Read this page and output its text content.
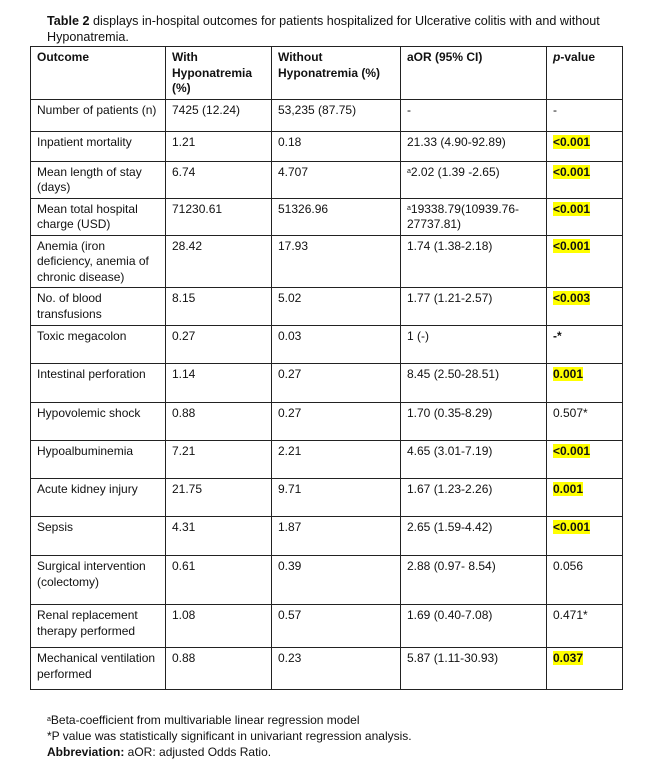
Table 2 displays in-hospital outcomes for patients hospitalized for Ulcerative colitis with and without Hyponatremia.
Outcome	With Hyponatremia (%)	Without Hyponatremia (%)	aOR (95% CI)	p-value
Number of patients (n)	7425 (12.24)	53,235 (87.75)	-	-
Inpatient mortality	1.21	0.18	21.33 (4.90-92.89)	<0.001
Mean length of stay (days)	6.74	4.707	$^a$2.02 (1.39 -2.65)	<0.001
Mean total hospital charge (USD)	71230.61	51326.96	$^a$19338.79(10939.76-27737.81)	<0.001
Anemia (iron deficiency, anemia of chronic disease)	28.42	17.93	1.74 (1.38-2.18)	<0.001
No. of blood transfusions	8.15	5.02	1.77 (1.21-2.57)	<0.003
Toxic megacolon	0.27	0.03	1 (-)	-*
Intestinal perforation	1.14	0.27	8.45 (2.50-28.51)	0.001
Hypovolemic shock	0.88	0.27	1.70 (0.35-8.29)	0.507*
Hypoalbuminemia	7.21	2.21	4.65 (3.01-7.19)	<0.001
Acute kidney injury	21.75	9.71	1.67 (1.23-2.26)	0.001
Sepsis	4.31	1.87	2.65 (1.59-4.42)	<0.001
Surgical intervention (colectomy)	0.61	0.39	2.88 (0.97- 8.54)	0.056
Renal replacement therapy performed	1.08	0.57	1.69 (0.40-7.08)	0.471*
Mechanical ventilation performed	0.88	0.23	5.87 (1.11-30.93)	0.037
$^a$Beta-coefficient from multivariable linear regression model
*P value was statistically significant in univariant regression analysis.
Abbreviation: aOR: adjusted Odds Ratio.
